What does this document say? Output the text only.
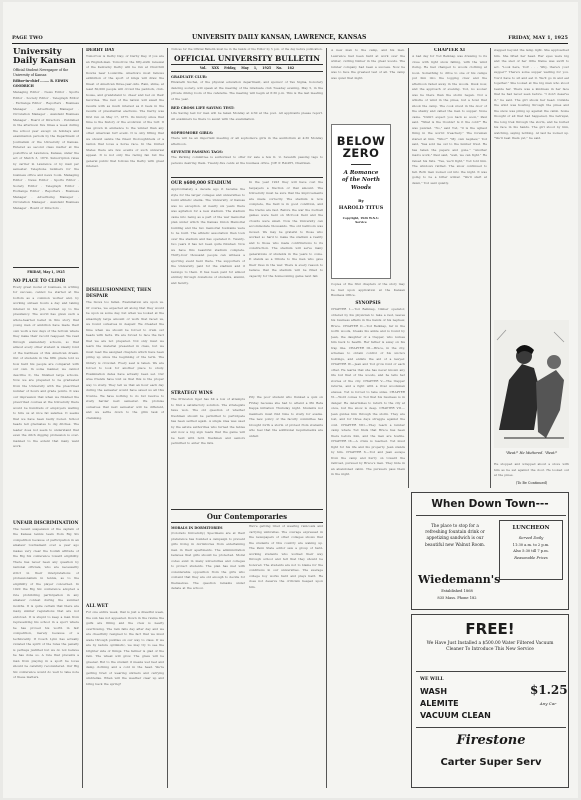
PAGE TWO	UNIVERSITY DAILY KANSAN, LAWRENCE, KANSAS	FRIDAY, MAY 1, 1925
University Daily Kansan
Official Student Newspaper of the University of Kansas
Editor-in-chief ........ R. EDWIN GOODRICH
Managing Editor . News Editor . Sports Editor . Society Editor . Telegraph Editor . Exchange Editor . Reporters . Business Manager . Advertising Manager . Circulation Manager . Assistant Business Manager . Board of Directors . Published in the afternoon five times a week during the school year except on holidays and examination periods by the Department of Journalism of the University of Kansas. Entered as second class matter at the postoffice at Lawrence, Kansas, under the act of March 3, 1879. Subscription rates by carrier in Lawrence or by mail per semester. Telephone numbers for the business office and news room. Managing Editor . News Editor . Sports Editor . Society Editor . Telegraph Editor . Exchange Editor . Reporters . Business Manager . Advertising Manager . Circulation Manager . Assistant Business Manager . Board of Directors .
FRIDAY, May 1, 1925
NO PLACE TO CLIMB
Every great moral of business, in writing for success, cannot be started at the bottom as a common worker and, by working sixteen hours a day and taking interest in his job, worked up to the presidency. The world has given such a whole-hearted belief in this story that young men of ambition have made their own work a few days of the bottom where they make their record reappear. We read through elementary schools, so that almost every other student is ideally fond of the hardness of this American dream. Out of students in the fifth grade told us how hard his people are compared with our own. In some manner, we cannot describe it, the finished large schools. Now we are prepared to be graduated from the University with the prescribed number of hours and grade points. It was our impression that when we finished the prescribed courses at the University there would be hundreds of employers waiting to hire us at nice fat salaries. It seems that we have been badly fooled. School heads tell graduates to dig ditches. The leader does not seem to understand that even the ditch digging profession is over-manned to the extent that many want work.
UNFAIR DISCRIMINATION
The recent suspension of the captain of the Kansas tennis team from Big Six competition because of participation in an amateur tournament over a year ago makes very clear the foolish attitude of the Big Six conference toward eligibility. There has never been any question by national officials, who are necessarily strict in their interpretations of professionalism in tennis, as to the eligibility of the player concerned. In 1920 the Big Six conference adopted a rule prohibiting participation in any amateur contest during the summer months. It is quite certain that there are many similar regulations that are not enforced. It is stupid to keep a man from representing his school in a sport where he has proved his worth in fair competition, merely because of a technicality. If Coach Lynn has actually violated the spirit of the rules the penalty is perhaps justified but we do not believe he has done so. A rule that prevents a man from playing in a sport he loves should be carefully reconsidered. Our Big Six conference would do well to take note of these matters.
DERBY DAY
Tomorrow is Derby Day; or Derby Day, if you are an English-man. Tomorrow the fifty-sixth renewal of the Kentucky Derby will be run at Churchill Downs near Louisville. America's most famous exhibition of the sport of kings will draw the finest of American three-year-olds. Rain, shine, at least 60,000 people will crowd the paddock, club-house, and grandstand to cheer and bet on their favorites. The rest of the nation will await the results with as much interest as it feels in the results of presidential elections. The Derby was first run on May 17, 1875. Its history since that time is the history of the evolution of the turf. It has grown in eminence to the winner than any other American turf event. It is only fitting that we should salute the finest thoroughbreds of a nation that loves a horse race. In the United States there are few events of such universal appeal. It is not only the racing fan but the general public that follows the Derby with great interest.
DISILLUSIONMENT, THEN DESPAIR
The blows too fallen. Examination are upon us. Of course, we expected all along that they would be upon us some day, but when we looked at the amazingly large amount of work that faced us, we found ourselves in despair. We dreaded the time when we should be forced to cram our heads with facts. We are forced to face the fact that we are not prepared. Not only must we learn the material presented in class, but we must read the assigned chapters which have been piling up since the beginning of the term. The library is crowded. Every seat is taken. We are forced to look for another place to study. Examination dates have actually been set. Our wise friends have told us that this is the proper way to study. They tell us that an hour each day during the semester would have saved us all this trouble. We have nothing to do but resolve to study harder next semester. We promise ourselves that next semester will be different, and we settle down to the grim task of cramming.
ALL WET
For one entire week, that is just a dreadful week, the sun has not appeared. Down in the ravine the gulfs are filling and the crew is nearly overflowing. The rain falls day after day and we are cheerfully resigned to the fact that we must wade through puddles on our way to class. If we are by nature optimistic, we may try to see the brighter side of things. The farmer is glad of the rain. The wheat will grow. The grass will be greener. But to the student it means wet feet and damp clothing and a cold in the head. We're getting tired of wearing slickers and carrying umbrellas. When will the weather clear up and bring back the spring?
Notices for the Official Bulletin must be in the hands of the Editor by 5 p.m. of the day before publication.
OFFICIAL UNIVERSITY BULLETIN
Vol. XXX Friday, May 1, 1925 No. 162
GRADUATE CLUB:
Elizabeth Suchel, of the physical education department, and sponsor of Tau Sigma, honorary dancing society, will speak at the meeting of the Graduate club Tuesday evening, May 5, in the private dining room of the cafeteria. The meeting will begin at 6:30 p.m. This is the last meeting of the year.
RED CROSS LIFE SAVING TEST:
Life Saving test for men will be taken Monday at 4:30 at the pool. All applicants please report. All examiners be there to assist with the examination.
SOPHOMORE GIRLS:
There will be an important meeting of all sophomore girls in the auditorium at 4:30 Monday afternoon.
SEVENTH PASSING TAGS:
The Parking committee is authorized to offer for sale a few K. U. Seventh passing tags to persons desiring them. Twenty-five cents at the business office. JOE P. RALPH, Chairman.
OUR $600,000 STADIUM
Approximately a decade ago it became the style for the larger colleges and universities to build athletic stadia. The University of Kansas was no exception. At nearly six years there was agitation for a new stadium. The stadium came into being as a part of the war memorial plan under which the Kansas Union Memorial building and the two memorial fountains were to be built. The athletic association then took over the stadium and has operated it. Twenty-two years it has not been quite finished. Now we have this beautiful stadium complete. Thirty-four thousand people can witness a sporting event held there. The supporters of the University paid for the stadium and it belongs to them. It has been paid for almost entirely through donations of students, alumni, and faculty.
STRATEGY WINS
The Princeton tiger has hit a low of attempts to find a satisfactory solution. The strategists have won. The old question of whether freshmen should be permitted to participate has been settled again. A single idea was used by the astute authorities who turned the tables and now a big sign reads that the game will be held with both freshmen and seniors permitted to enter the lists.
In the year 1923 they will have cost the taxpayers a fraction of that amount. The University must be sure that the improvements are made correctly. The stadium is now complete, the field is in good condition, and the tracks are fast. Before the war the football games were held on McCook field and the crowds were small. Now the University can accommodate thousands. The old ballroom was moved. We may be grateful to those who worked so hard to make the stadium a reality and to those who made contributions to its construction. The stadium will serve many generations of students in the years to come. It stands as a tribute to the men who gave their lives in the war. There is every reason to believe that the stadium will be filled to capacity for the homecoming game next fall.
Pity the poor student who flunked a quiz on Friday because she had to attend a Phi Beta Kappa initiation Thursday night. Students not members must find time to study for exams. The new policy of the faculty committee has brought forth a storm of protest from students who feel that the additional requirements are unfair.
Our Contemporaries
MORALS IN DORMITORIES
(Colorado University.) Specimens are at their preference has founded a campaign to prevent girls living in dormitories from entertaining men in their apartments. The administration believes that girls should be protected. Moral codes exist in many universities and colleges to protect students. The plan has met with considerable opposition from the girls who contend that they are old enough to decide for themselves. The question remains under debate at the school.
We're getting tired of wearing raincoats and carrying umbrellas. The courage expressed in the newspapers of other colleges shows that the students of this country are waking up. The Penn State editor saw a group of hard-working students who worked their way through school and felt that they should be honored. The students are not to blame for the conditions in our universities. The average college boy works hard and plays hard. He does not deserve the criticism heaped upon him.
A new man to the camp, and his men. Lawrence had been hard at work over the winter, cutting timber in the great woods. The lumber company had been a success. Now he was to face the greatest test of all. The camp was quiet that night.
BELOW ZERO
A Romance of the North Woods
By
HAROLD TITUS
Copyright, 1926 W.N.U. Service
Copies of the first chapters of the story may be had upon application at the Kansan Business Office.
SYNOPSIS
CHAPTER I.—Tod Belknap, timber operator, ordered by his physician to take a rest, leaves his business affairs in the hands of his nephew, Bruce. CHAPTER II.—Tod Belknap, far in the north woods, breaks his ankle and is found by Jean, the daughter of a trapper, who nurses him back to health. Her father is away on his trap line. CHAPTER III.—Bruce, in the city, schemes to obtain control of his uncle's holdings, and enlists the aid of a lawyer. CHAPTER IV.—Jean and Tod grow fond of each other. He learns that she has never known any life but that of the woods, and he tells her stories of the city. CHAPTER V.—The trapper returns, and a fight with a rival woodsman ensues. Tod is forced to take sides. CHAPTER VI.—Word comes to Tod that his business is in danger. He determines to return to the city at once, but the snow is deep. CHAPTER VII.—Jean guides him through the storm. They are lost, and for three days struggle against the cold. CHAPTER VIII.—They reach a lumber camp where Tod finds that Bruce has been there before him, and the men are hostile. CHAPTER IX.—A crisis is reached. Tod must fight for his life and his property. Jean stands by him. CHAPTER X.—Tod and Jean escape from the camp and hurry on toward the railroad, pursued by Bruce's men. They hide in an abandoned cabin. The pursuers pass them in the night.
CHAPTER XI
A bad day for Tod Belknap was drawing to its close with light snow falling, with the wind rising. He had changed to woods clothing at noon. Something to drive to one of his camps put him into the logging crew and the afternoon faded away in the woods. Dusk now, and the approach of evening. Tod, no sooner was he there than the storm began. Not a whistle of wind in the pines, but a howl that shook the camp. The cook stood in the door of the shanty and called the men to supper. None came. "Didn't expect you back so soon," Paul said. "What is the trouble? Is it the cold?" He was puzzled. "No," said Tod, "it is the ugliest thing in the world: treachery." The foreman stared at him. "Who?" "My own nephew," Tod said, "has sold me out to the lumber trust. He has taken the papers and gone." "Another man's work," Paul said, "well, we can fight." He raised his fists. "Yes, we'll fight," Tod told him. The windows rattled. The snow continued to fall. Both men looked out into the night. It was going to be a bitter winter. "We'll start at dawn," Tod said quietly.
stepped beyond the lamp light. She approached him. She lifted her head. Her eyes were big and the sled of her little frame was swift to act. "Look here, Tod! . . . Why, there's your supper!" There's some supper waiting for you. You'd have to sit and eat it. We'll go in and eat together." She looked at the big man who stood beside her. There was a kindness in her face that he had never seen before. "I don't deserve it," he said. The girl shook her head. Outside the wind was howling through the pines and the snow was piling up against the cabin. Some thought of all that had happened, the betrayal, the long trek through the storm, and he buried his face in his hands. The girl stood by him, watching, saying nothing. At last he looked up. "We'll beat them yet," he said.
"Beat!" He Muttered. "Beat!"
He stopped and wrapped about a stove with him as he sat against the door. He looked out at the pines.
(To Be Continued)
When Down Town---
The place to stop for a refreshing fountain drink or appetizing sandwich is our beautiful new Walnut Room.
LUNCHEON
Served Daily
11:30 a.m. to 2 p.m.
Also 5:30 till 7 p.m.
Reasonable Prices
Wiedemann's
Established 1868
835 Mass. Phone 182
FREE!
We Have Just Installed a $500.00 Water Filtered Vacuum Cleaner To Introduce This New Service
WE WILL
WASH
ALEMITE
VACUUM CLEAN
$1.25
Any Car
Firestone
Carter Super Serv
